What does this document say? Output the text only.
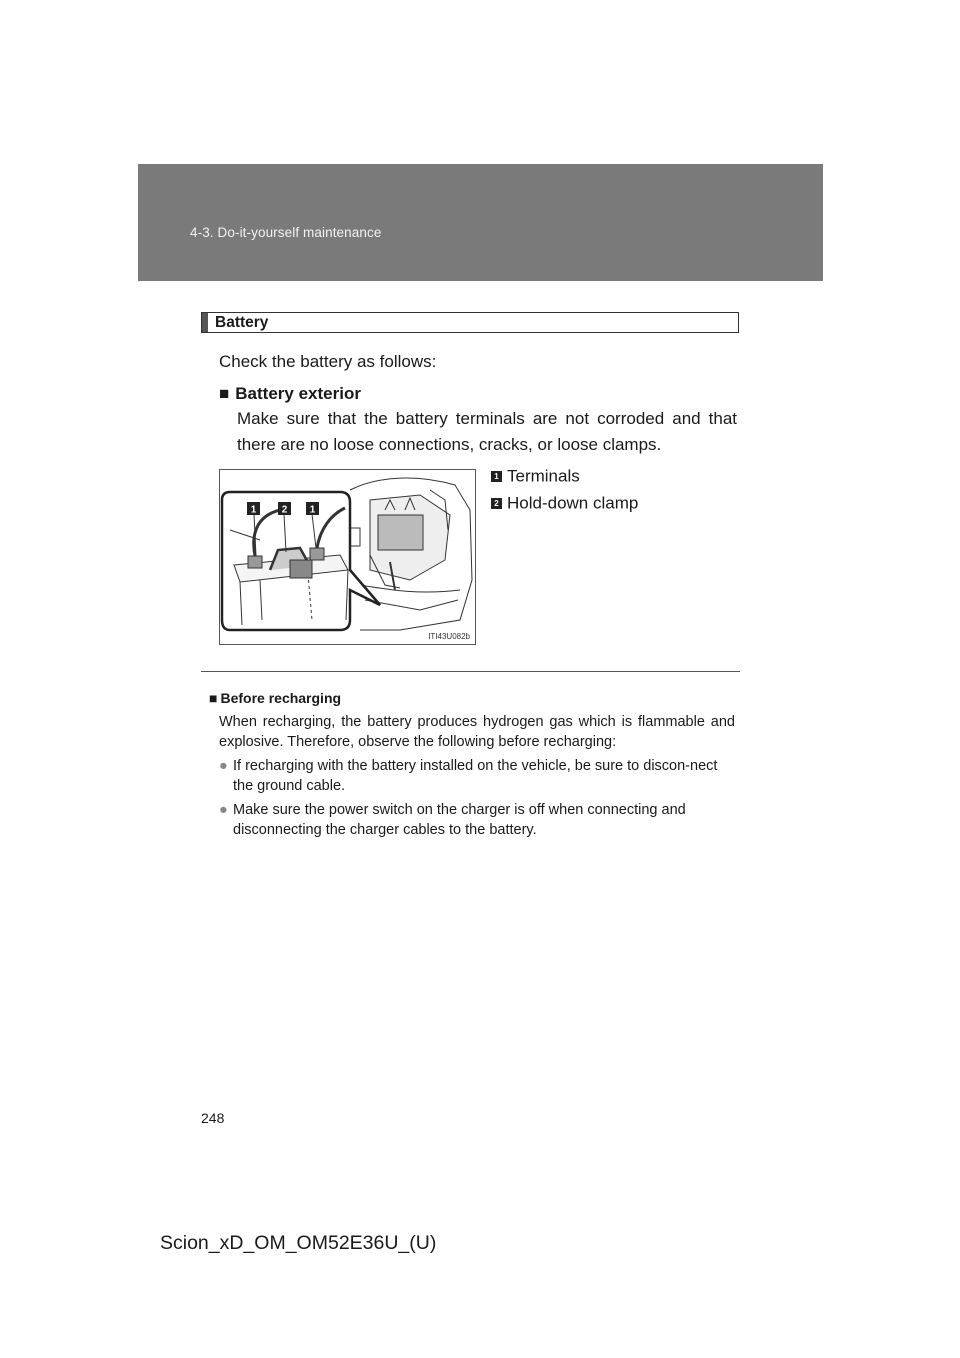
4-3. Do-it-yourself maintenance
Battery
Check the battery as follows:
■ Battery exterior
Make sure that the battery terminals are not corroded and that there are no loose connections, cracks, or loose clamps.
1	2 1
ITI43U082b
1 Terminals
2 Hold-down clamp
■ Before recharging
When recharging, the battery produces hydrogen gas which is flammable and explosive. Therefore, observe the following before recharging:
● If recharging with the battery installed on the vehicle, be sure to discon-nect the ground cable.
● Make sure the power switch on the charger is off when connecting and disconnecting the charger cables to the battery.
248
Scion_xD_OM_OM52E36U_(U)
